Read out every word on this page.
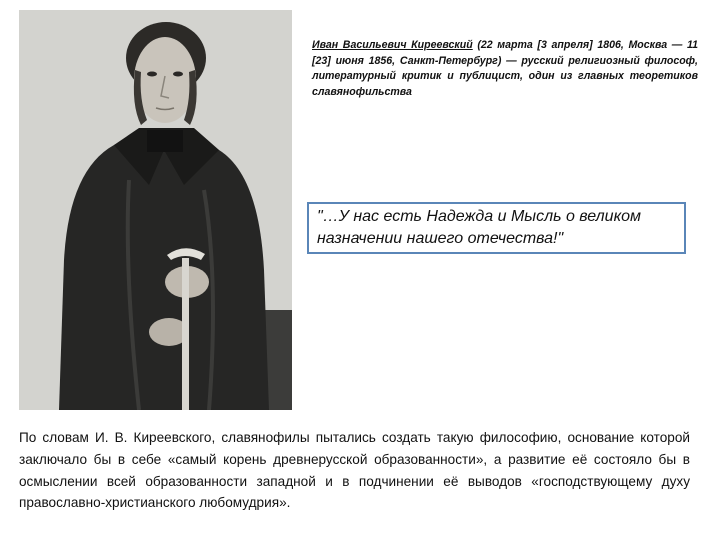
Иван Васильевич Киреевский (22 марта [3 апреля] 1806, Москва — 11 [23] июня 1856, Санкт-Петербург) — русский религиозный философ, литературный критик и публицист, один из главных теоретиков славянофильства

"…У нас есть Надежда и Мысль о великом назначении нашего отечества!"

По словам И. В. Киреевского, славянофилы пытались создать такую философию, основание которой заключало бы в себе «самый корень древнерусской образованности», а развитие её состояло бы в осмыслении всей образованности западной и в подчинении её выводов «господствующему духу православно-христианского любомудрия».
